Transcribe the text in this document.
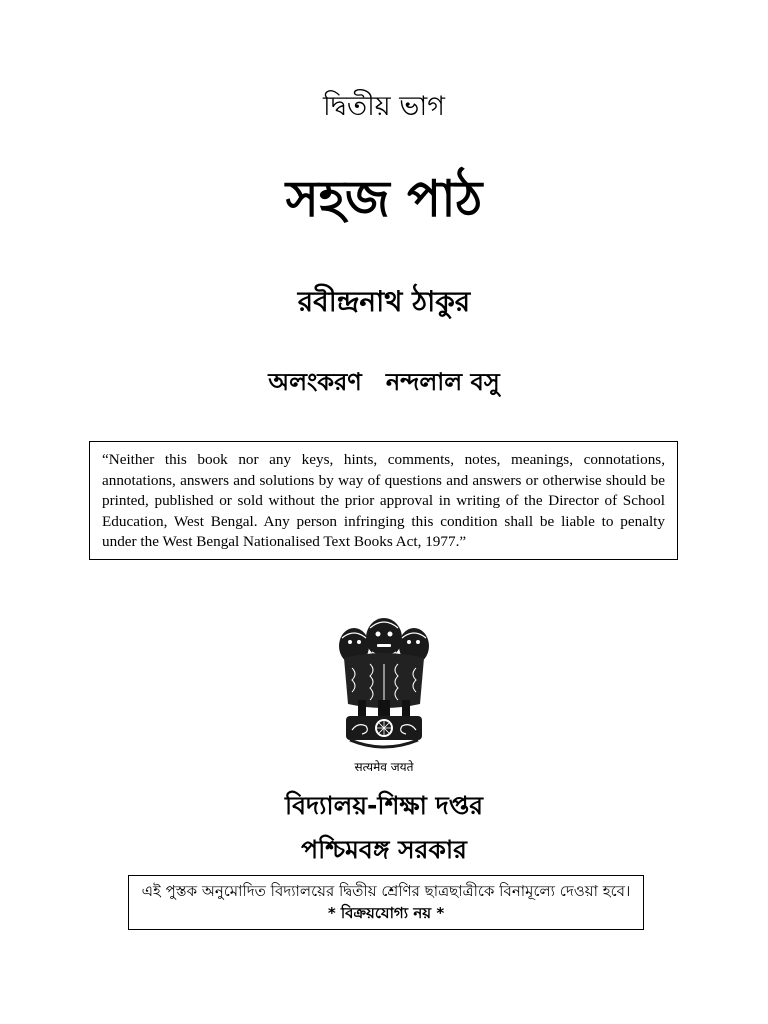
দ্বিতীয় ভাগ
সহজ পাঠ
রবীন্দ্রনাথ ঠাকুর
অলংকরণ নন্দলাল বসু
“Neither this book nor any keys, hints, comments, notes, meanings, connotations, annotations, answers and solutions by way of questions and answers or otherwise should be printed, published or sold without the prior approval in writing of the Director of School Education, West Bengal. Any person infringing this condition shall be liable to penalty under the West Bengal Nationalised Text Books Act, 1977.”
सत्यमेव जयते
বিদ্যালয়-শিক্ষা দপ্তর
পশ্চিমবঙ্গ সরকার
এই পুস্তক অনুমোদিত বিদ্যালয়ের দ্বিতীয় শ্রেণির ছাত্রছাত্রীকে বিনামূল্যে দেওয়া হবে।
* বিক্রয়যোগ্য নয় *
